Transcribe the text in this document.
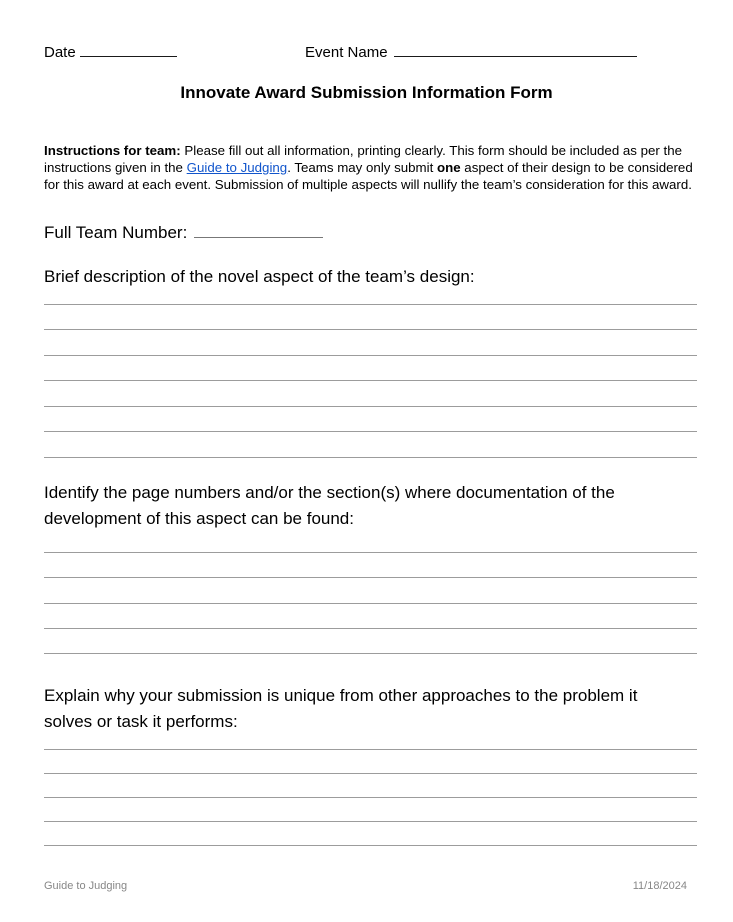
Date	Event Name
Innovate Award Submission Information Form

Instructions for team: Please fill out all information, printing clearly. This form should be included as per the instructions given in the Guide to Judging. Teams may only submit one aspect of their design to be considered for this award at each event. Submission of multiple aspects will nullify the team’s consideration for this award.

Full Team Number:
Brief description of the novel aspect of the team’s design:
Identify the page numbers and/or the section(s) where documentation of the development of this aspect can be found:
Explain why your submission is unique from other approaches to the problem it solves or task it performs:
Guide to Judging	11/18/2024
